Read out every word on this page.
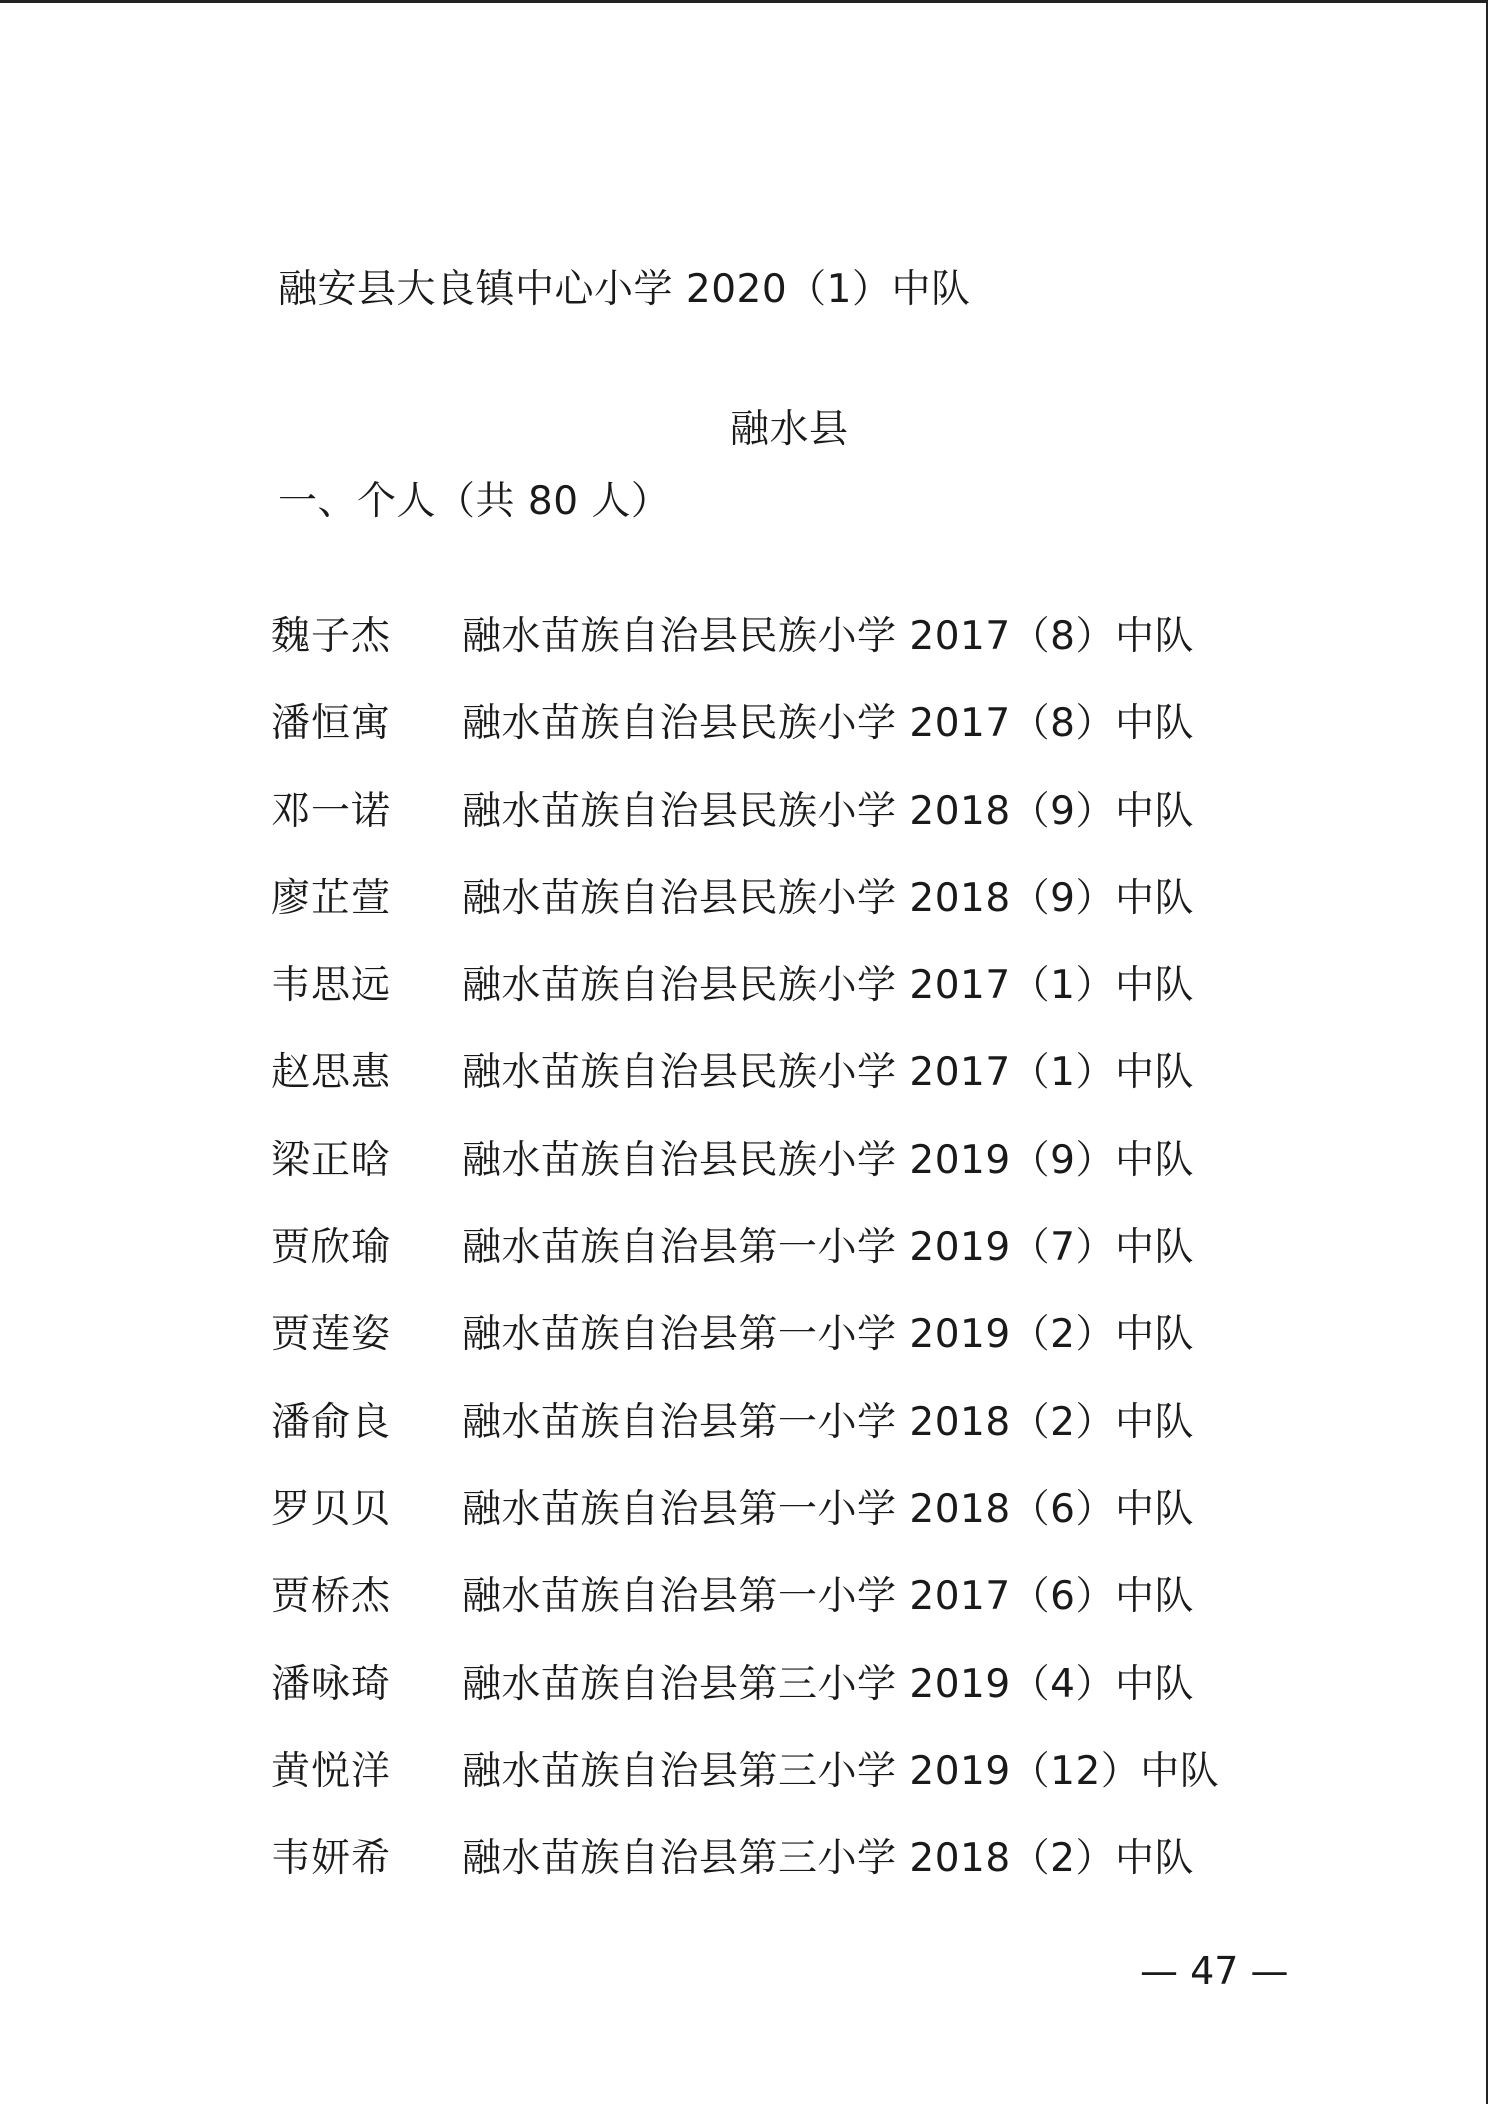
融安县大良镇中心小学 2020（1）中队
融水县
一、个人（共 80 人）
魏子杰	融水苗族自治县民族小学 2017（8）中队
潘恒寓	融水苗族自治县民族小学 2017（8）中队
邓一诺	融水苗族自治县民族小学 2018（9）中队
廖芷萱	融水苗族自治县民族小学 2018（9）中队
韦思远	融水苗族自治县民族小学 2017（1）中队
赵思惠	融水苗族自治县民族小学 2017（1）中队
梁正晗	融水苗族自治县民族小学 2019（9）中队
贾欣瑜	融水苗族自治县第一小学 2019（7）中队
贾莲姿	融水苗族自治县第一小学 2019（2）中队
潘俞良	融水苗族自治县第一小学 2018（2）中队
罗贝贝	融水苗族自治县第一小学 2018（6）中队
贾桥杰	融水苗族自治县第一小学 2017（6）中队
潘咏琦	融水苗族自治县第三小学 2019（4）中队
黄悦洋	融水苗族自治县第三小学 2019（12）中队
韦妍希	融水苗族自治县第三小学 2018（2）中队
— 47 —
